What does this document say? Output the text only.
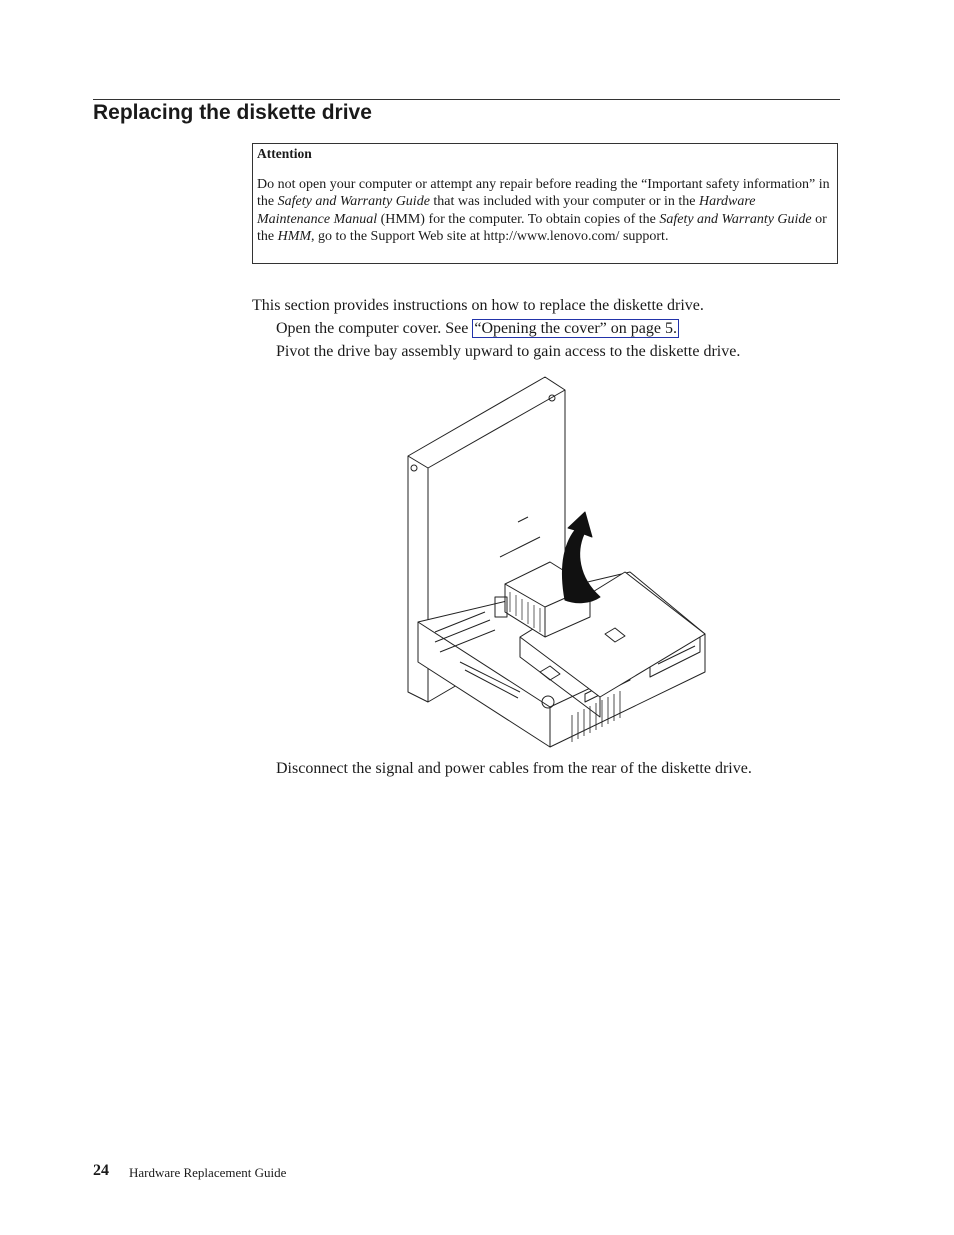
Replacing the diskette drive
Attention
Do not open your computer or attempt any repair before reading the “Important safety information” in the Safety and Warranty Guide that was included with your computer or in the Hardware Maintenance Manual (HMM) for the computer. To obtain copies of the Safety and Warranty Guide or the HMM, go to the Support Web site at http://www.lenovo.com/ support.
This section provides instructions on how to replace the diskette drive.
Open the computer cover. See “Opening the cover” on page 5.
Pivot the drive bay assembly upward to gain access to the diskette drive.
Disconnect the signal and power cables from the rear of the diskette drive.
24 Hardware Replacement Guide
